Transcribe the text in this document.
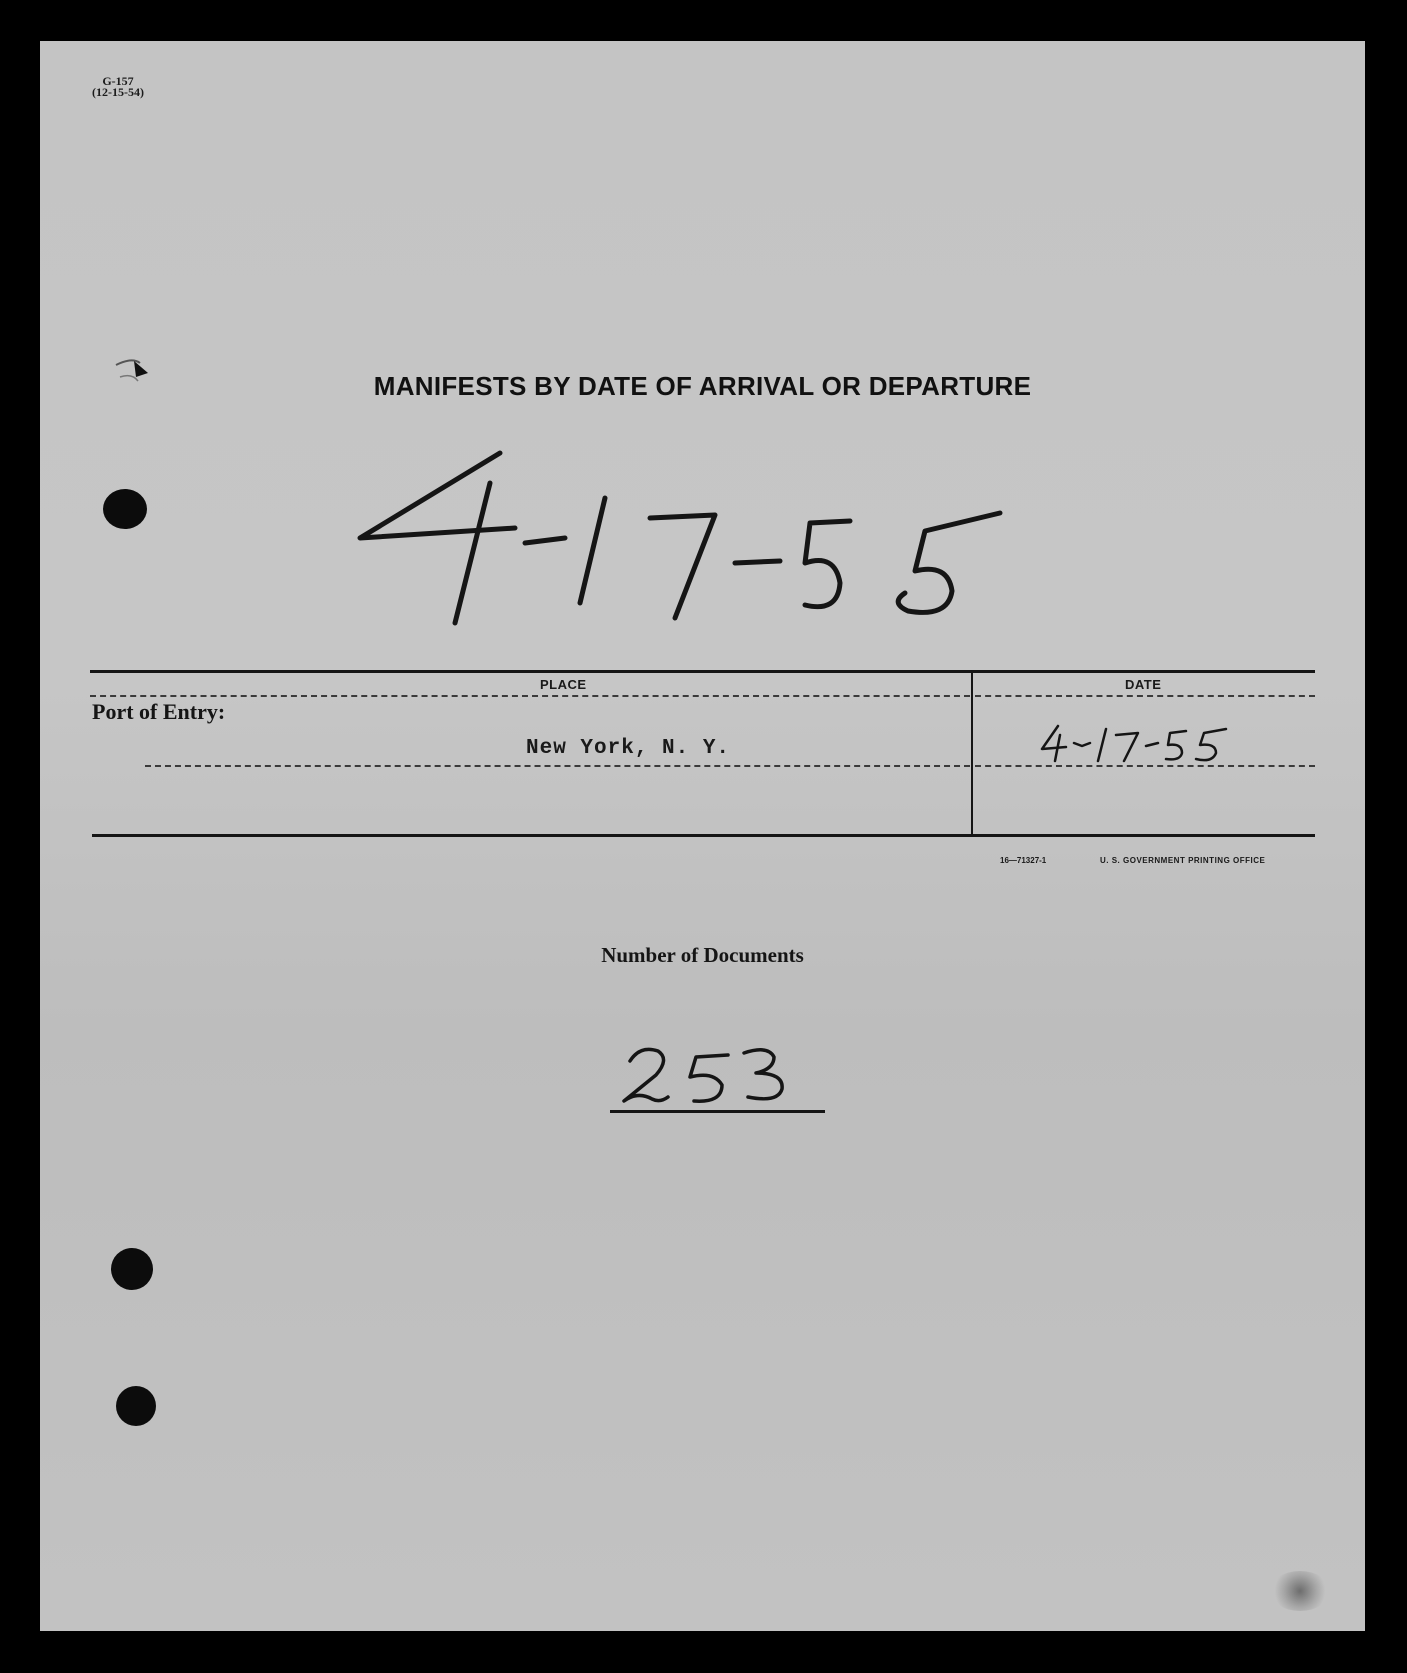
G-157
(12-15-54)
MANIFESTS BY DATE OF ARRIVAL OR DEPARTURE
PLACE	DATE
Port of Entry:
New York, N. Y.
16—71327-1	U. S. GOVERNMENT PRINTING OFFICE
Number of Documents
